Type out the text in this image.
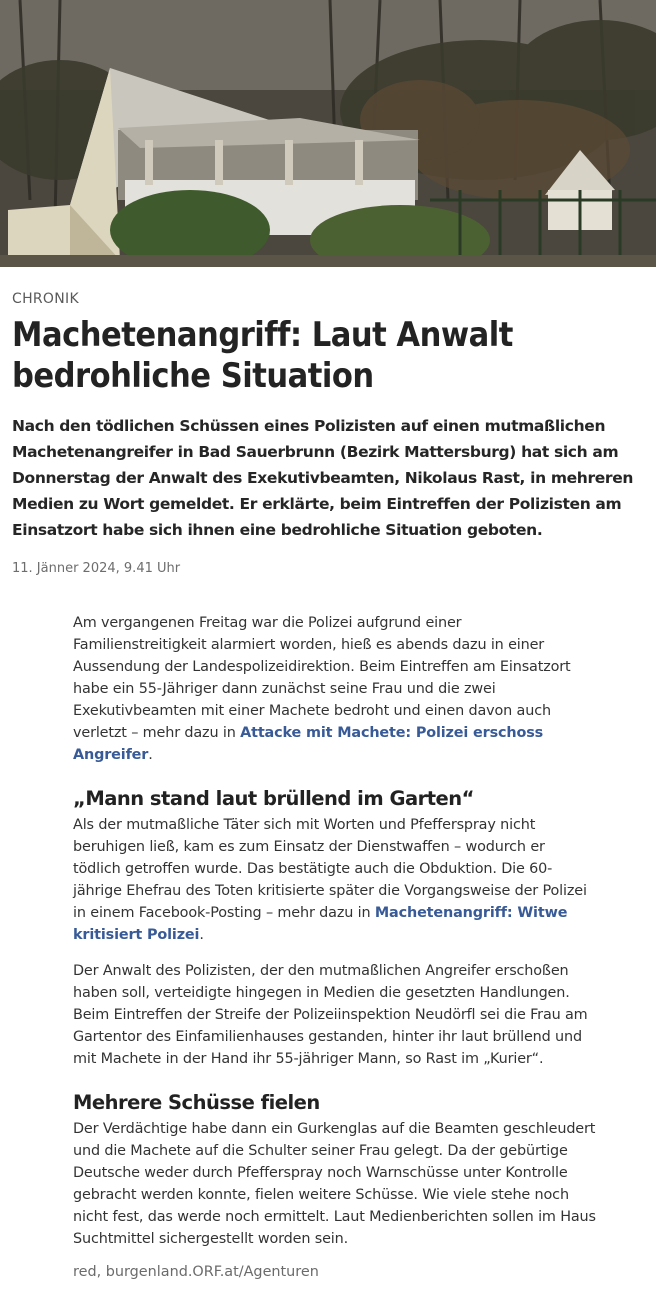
CHRONIK
Machetenangriff: Laut Anwalt bedrohliche Situation
Nach den tödlichen Schüssen eines Polizisten auf einen mutmaßlichen Machetenangreifer in Bad Sauerbrunn (Bezirk Mattersburg) hat sich am Donnerstag der Anwalt des Exekutivbeamten, Nikolaus Rast, in mehreren Medien zu Wort gemeldet. Er erklärte, beim Eintreffen der Polizisten am Einsatzort habe sich ihnen eine bedrohliche Situation geboten.
11. Jänner 2024, 9.41 Uhr

Am vergangenen Freitag war die Polizei aufgrund einer Familienstreitigkeit alarmiert worden, hieß es abends dazu in einer Aussendung der Landespolizeidirektion. Beim Eintreffen am Einsatzort habe ein 55-Jähriger dann zunächst seine Frau und die zwei Exekutivbeamten mit einer Machete bedroht und einen davon auch verletzt – mehr dazu in Attacke mit Machete: Polizei erschoss Angreifer.

„Mann stand laut brüllend im Garten“

Als der mutmaßliche Täter sich mit Worten und Pfefferspray nicht beruhigen ließ, kam es zum Einsatz der Dienstwaffen – wodurch er tödlich getroffen wurde. Das bestätigte auch die Obduktion. Die 60-jährige Ehefrau des Toten kritisierte später die Vorgangsweise der Polizei in einem Facebook-Posting – mehr dazu in Machetenangriff: Witwe kritisiert Polizei.

Der Anwalt des Polizisten, der den mutmaßlichen Angreifer erschoßen haben soll, verteidigte hingegen in Medien die gesetzten Handlungen. Beim Eintreffen der Streife der Polizeiinspektion Neudörfl sei die Frau am Gartentor des Einfamilienhauses gestanden, hinter ihr laut brüllend und mit Machete in der Hand ihr 55-jähriger Mann, so Rast im „Kurier“.

Mehrere Schüsse fielen

Der Verdächtige habe dann ein Gurkenglas auf die Beamten geschleudert und die Machete auf die Schulter seiner Frau gelegt. Da der gebürtige Deutsche weder durch Pfefferspray noch Warnschüsse unter Kontrolle gebracht werden konnte, fielen weitere Schüsse. Wie viele stehe noch nicht fest, das werde noch ermittelt. Laut Medienberichten sollen im Haus Suchtmittel sichergestellt worden sein.

red, burgenland.ORF.at/Agenturen
